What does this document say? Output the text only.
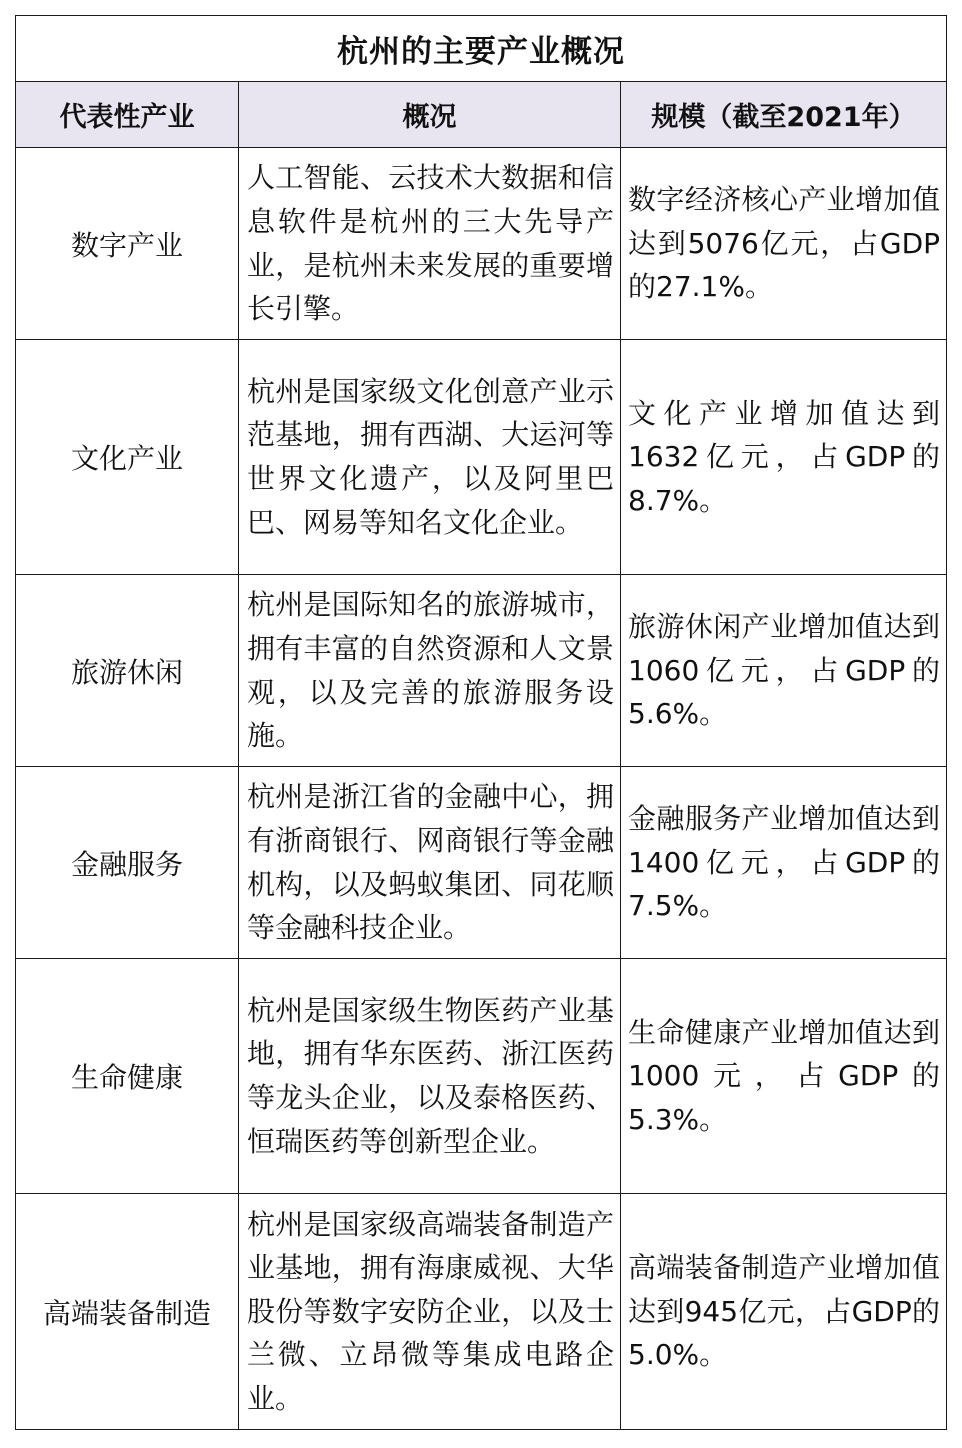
杭州的主要产业概况		
代表性产业	概况	规模（截至2021年）
数字产业	人工智能、云技术大数据和信息软件是杭州的三大先导产业，是杭州未来发展的重要增长引擎。	数字经济核心产业增加值达到5076亿元，占GDP的27.1%。
文化产业	杭州是国家级文化创意产业示范基地，拥有西湖、大运河等世界文化遗产，以及阿里巴巴、网易等知名文化企业。	文化产业增加值达到1632亿元，占GDP的8.7%。
旅游休闲	杭州是国际知名的旅游城市，拥有丰富的自然资源和人文景观，以及完善的旅游服务设施。	旅游休闲产业增加值达到1060亿元，占GDP的5.6%。
金融服务	杭州是浙江省的金融中心，拥有浙商银行、网商银行等金融机构，以及蚂蚁集团、同花顺等金融科技企业。	金融服务产业增加值达到1400亿元，占GDP的7.5%。
生命健康	杭州是国家级生物医药产业基地，拥有华东医药、浙江医药等龙头企业，以及泰格医药、恒瑞医药等创新型企业。	生命健康产业增加值达到1000元，占GDP的5.3%。
高端装备制造	杭州是国家级高端装备制造产业基地，拥有海康威视、大华股份等数字安防企业，以及士兰微、立昂微等集成电路企业。	高端装备制造产业增加值达到945亿元，占GDP的5.0%。
